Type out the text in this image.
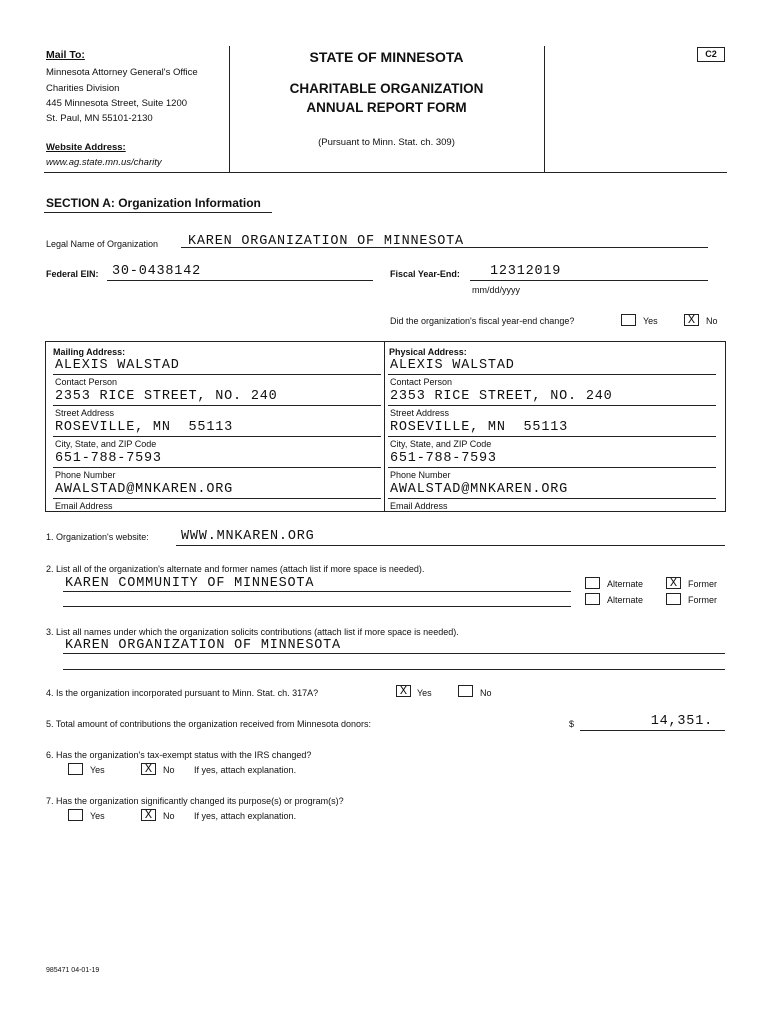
Mail To:
Minnesota Attorney General's Office
Charities Division
445 Minnesota Street, Suite 1200
St. Paul, MN 55101-2130
Website Address:
www.ag.state.mn.us/charity
STATE OF MINNESOTA
CHARITABLE ORGANIZATION
ANNUAL REPORT FORM
(Pursuant to Minn. Stat. ch. 309)
C2
SECTION A: Organization Information
Legal Name of Organization KAREN ORGANIZATION OF MINNESOTA
Federal EIN: 30-0438142	Fiscal Year-End: 12312019
mm/dd/yyyy
Did the organization's fiscal year-end change?	Yes	X	No
Mailing Address:
ALEXIS WALSTAD
Contact Person
2353 RICE STREET, NO. 240
Street Address
ROSEVILLE, MN  55113
City, State, and ZIP Code
651-788-7593
Phone Number
AWALSTAD@MNKAREN.ORG
Email Address
Physical Address:
ALEXIS WALSTAD
Contact Person
2353 RICE STREET, NO. 240
Street Address
ROSEVILLE, MN  55113
City, State, and ZIP Code
651-788-7593
Phone Number
AWALSTAD@MNKAREN.ORG
Email Address
1. Organization's website: WWW.MNKAREN.ORG
2. List all of the organization's alternate and former names (attach list if more space is needed).
KAREN COMMUNITY OF MINNESOTA	Alternate	X	Former
Alternate	Former
3. List all names under which the organization solicits contributions (attach list if more space is needed).
KAREN ORGANIZATION OF MINNESOTA
4. Is the organization incorporated pursuant to Minn. Stat. ch. 317A?	X	Yes	No
5. Total amount of contributions the organization received from Minnesota donors:	$	14,351.
6. Has the organization's tax-exempt status with the IRS changed?
Yes	X	No If yes, attach explanation.
7. Has the organization significantly changed its purpose(s) or program(s)?
Yes	X	No If yes, attach explanation.
985471 04-01-19
